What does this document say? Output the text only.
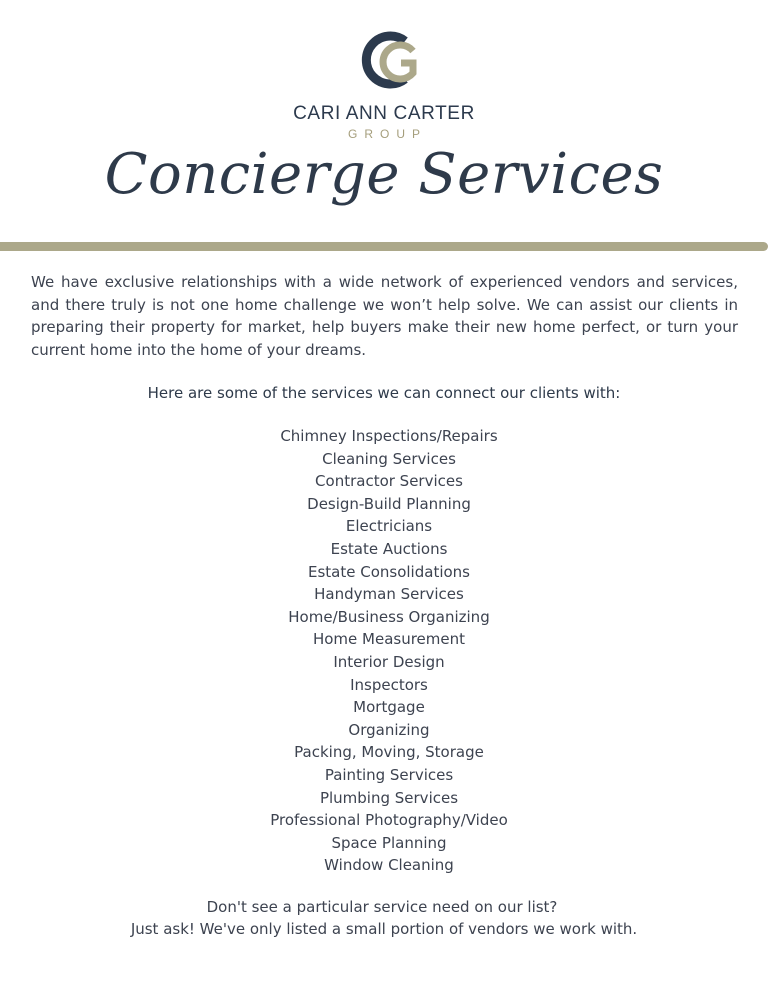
CARI ANN CARTER
GROUP
Concierge Services

We have exclusive relationships with a wide network of experienced vendors and services, and there truly is not one home challenge we won’t help solve. We can assist our clients in preparing their property for market, help buyers make their new home perfect, or turn your current home into the home of your dreams.

Here are some of the services we can connect our clients with:
Chimney Inspections/Repairs
Cleaning Services
Contractor Services
Design-Build Planning
Electricians
Estate Auctions
Estate Consolidations
Handyman Services
Home/Business Organizing
Home Measurement
Interior Design
Inspectors
Mortgage
Organizing
Packing, Moving, Storage
Painting Services
Plumbing Services
Professional Photography/Video
Space Planning
Window Cleaning
Don't see a particular service need on our list?
Just ask! We've only listed a small portion of vendors we work with.
